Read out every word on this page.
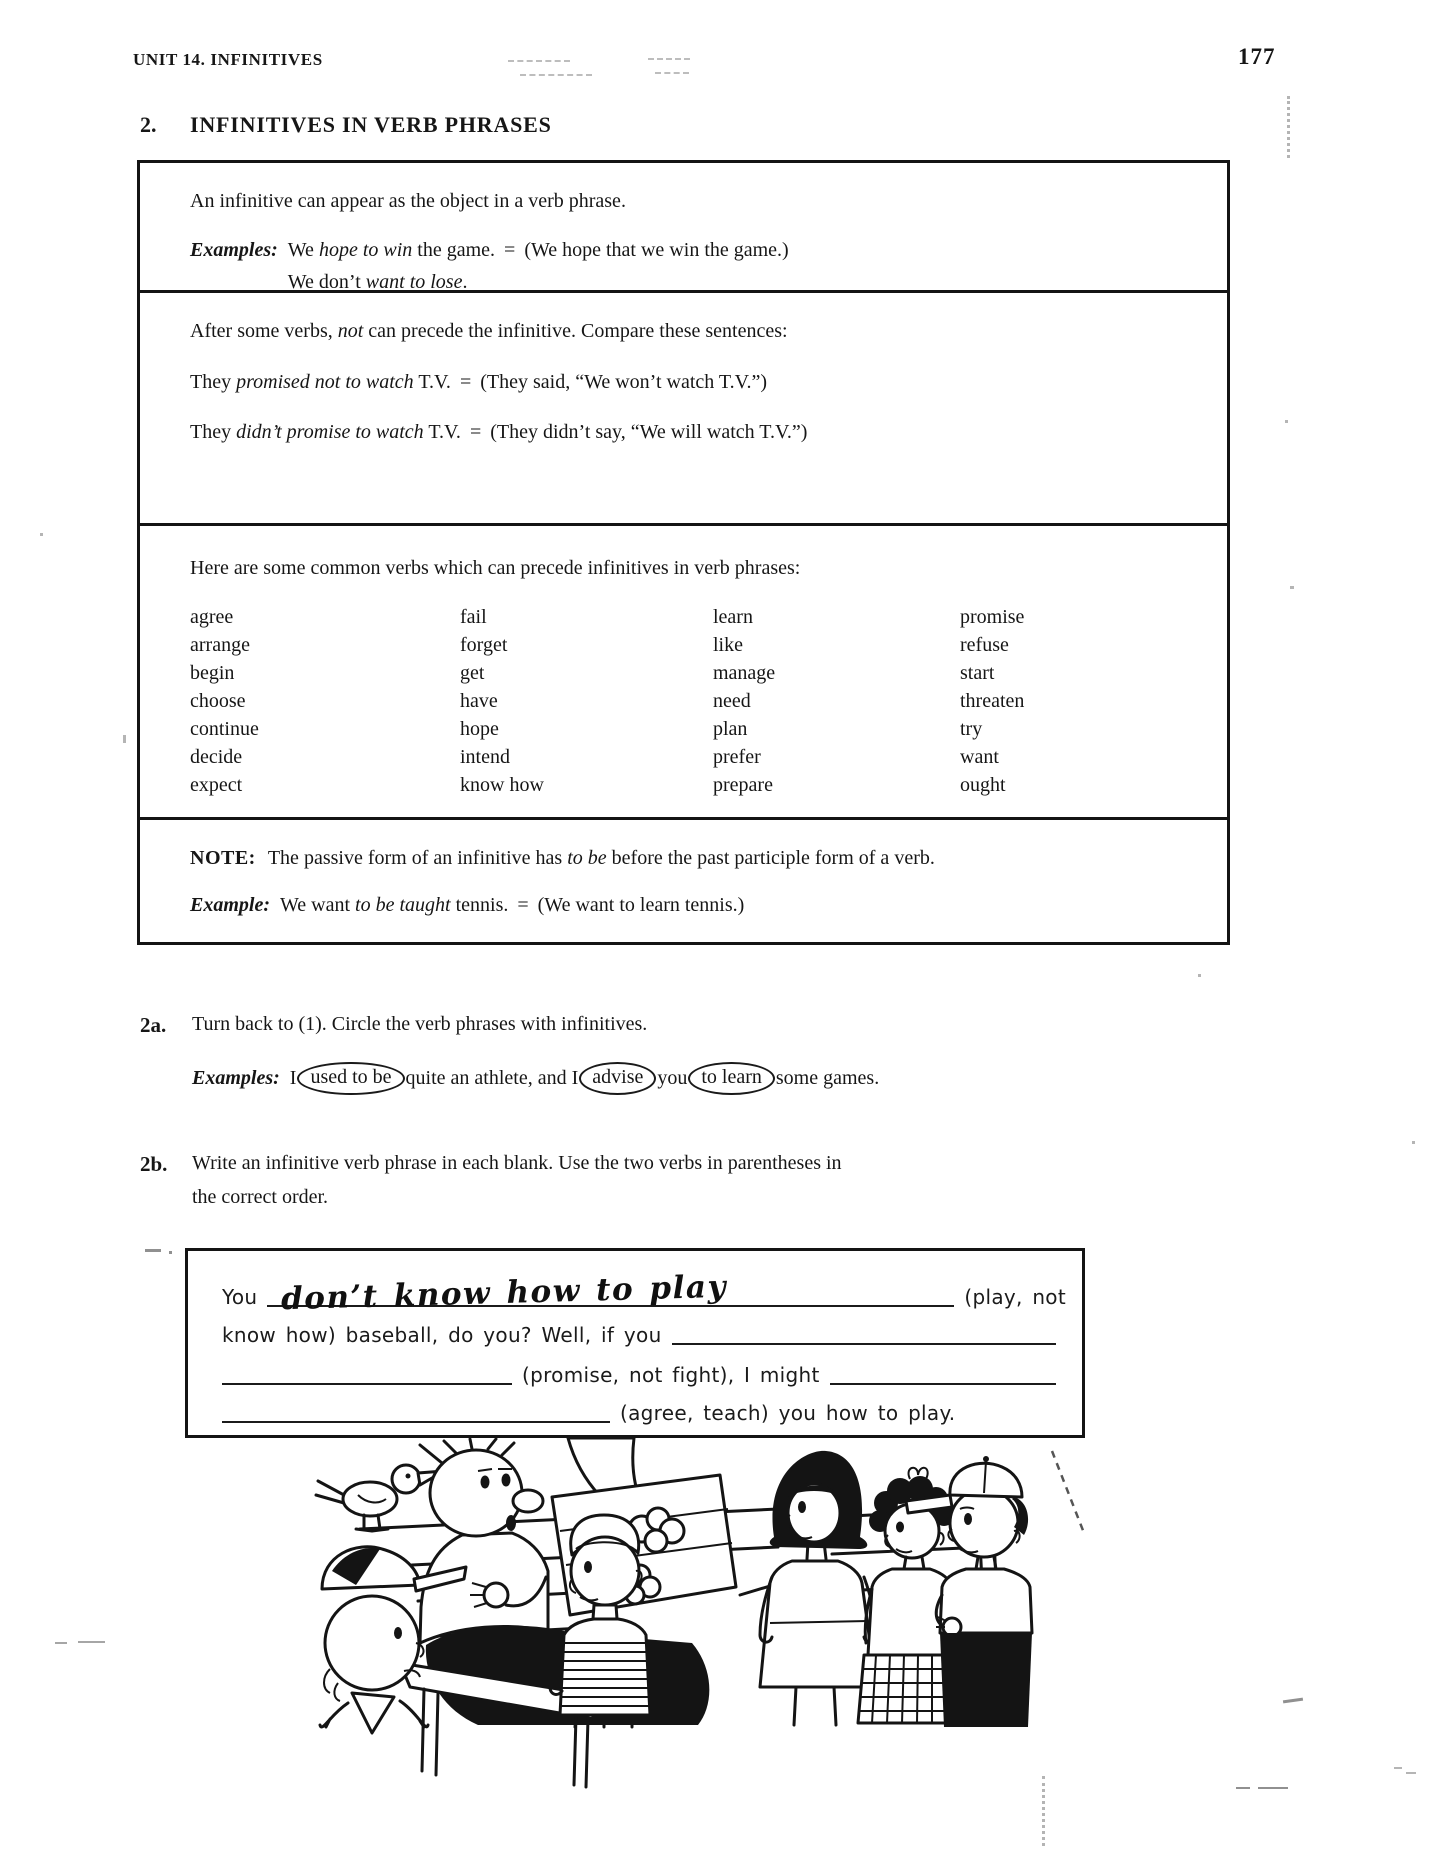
UNIT 14. INFINITIVES	177
2. INFINITIVES IN VERB PHRASES

An infinitive can appear as the object in a verb phrase.

Examples: We hope to win the game. = (We hope that we win the game.)
We don’t want to lose.

After some verbs, not can precede the infinitive. Compare these sentences:

They promised not to watch T.V. = (They said, “We won’t watch T.V.”)

They didn’t promise to watch T.V. = (They didn’t say, “We will watch T.V.”)

Here are some common verbs which can precede infinitives in verb phrases:

agree
arrange
begin
choose
continue
decide
expect
fail
forget
get
have
hope
intend
know how
learn
like
manage
need
plan
prefer
prepare
promise
refuse
start
threaten
try
want
ought

NOTE: The passive form of an infinitive has to be before the past participle form of a verb.

Example: We want to be taught tennis. = (We want to learn tennis.)
2a. Turn back to (1). Circle the verb phrases with infinitives.
Examples: I used to be quite an athlete, and I advise you to learn some games.
2b. Write an infinitive verb phrase in each blank. Use the two verbs in parentheses in
the correct order.
You don’t know how to play	(play, not
know how) baseball, do you? Well, if you
(promise, not fight), I might
(agree, teach) you how to play.
